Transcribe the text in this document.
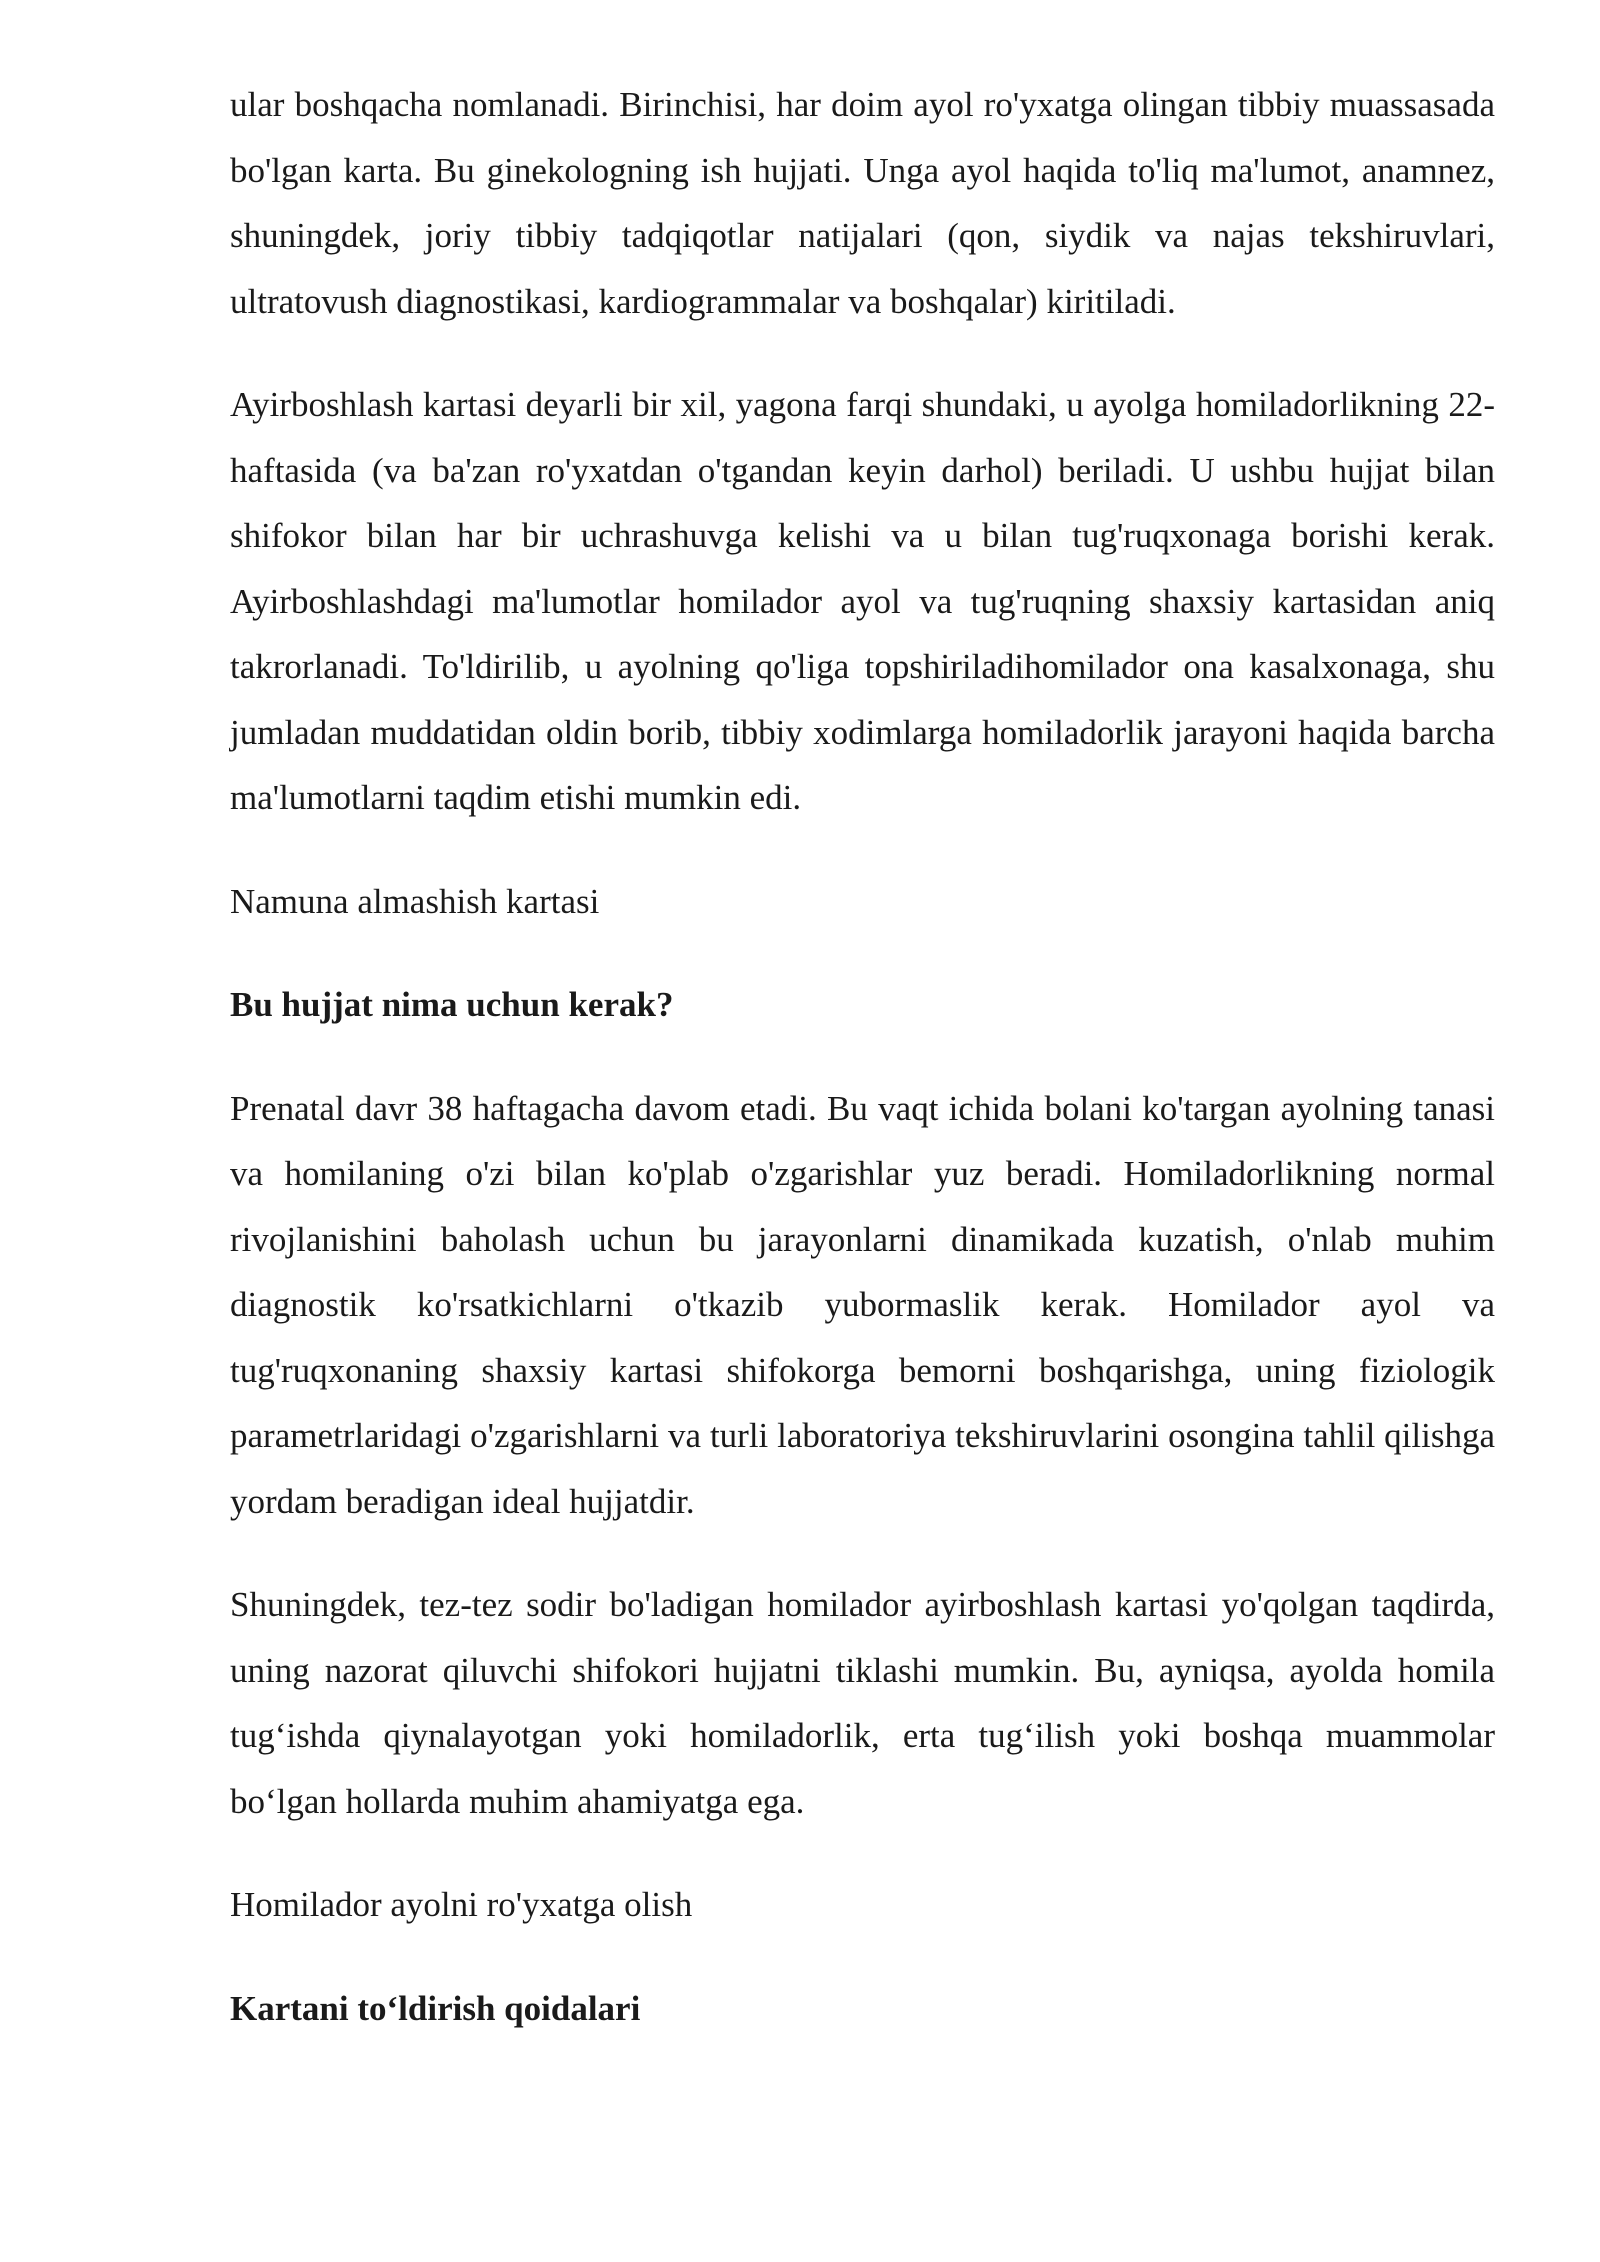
ular boshqacha nomlanadi. Birinchisi, har doim ayol ro'yxatga olingan tibbiy muassasada bo'lgan karta. Bu ginekologning ish hujjati. Unga ayol haqida to'liq ma'lumot, anamnez, shuningdek, joriy tibbiy tadqiqotlar natijalari (qon, siydik va najas tekshiruvlari, ultratovush diagnostikasi, kardiogrammalar va boshqalar) kiritiladi.

Ayirboshlash kartasi deyarli bir xil, yagona farqi shundaki, u ayolga homiladorlikning 22-haftasida (va ba'zan ro'yxatdan o'tgandan keyin darhol) beriladi. U ushbu hujjat bilan shifokor bilan har bir uchrashuvga kelishi va u bilan tug'ruqxonaga borishi kerak. Ayirboshlashdagi ma'lumotlar homilador ayol va tug'ruqning shaxsiy kartasidan aniq takrorlanadi. To'ldirilib, u ayolning qo'liga topshiriladihomilador ona kasalxonaga, shu jumladan muddatidan oldin borib, tibbiy xodimlarga homiladorlik jarayoni haqida barcha ma'lumotlarni taqdim etishi mumkin edi.

Namuna almashish kartasi

Bu hujjat nima uchun kerak?

Prenatal davr 38 haftagacha davom etadi. Bu vaqt ichida bolani ko'targan ayolning tanasi va homilaning o'zi bilan ko'plab o'zgarishlar yuz beradi. Homiladorlikning normal rivojlanishini baholash uchun bu jarayonlarni dinamikada kuzatish, o'nlab muhim diagnostik ko'rsatkichlarni o'tkazib yubormaslik kerak. Homilador ayol va tug'ruqxonaning shaxsiy kartasi shifokorga bemorni boshqarishga, uning fiziologik parametrlaridagi o'zgarishlarni va turli laboratoriya tekshiruvlarini osongina tahlil qilishga yordam beradigan ideal hujjatdir.

Shuningdek, tez-tez sodir bo'ladigan homilador ayirboshlash kartasi yo'qolgan taqdirda, uning nazorat qiluvchi shifokori hujjatni tiklashi mumkin. Bu, ayniqsa, ayolda homila tug‘ishda qiynalayotgan yoki homiladorlik, erta tug‘ilish yoki boshqa muammolar bo‘lgan hollarda muhim ahamiyatga ega.

Homilador ayolni ro'yxatga olish

Kartani to‘ldirish qoidalari
